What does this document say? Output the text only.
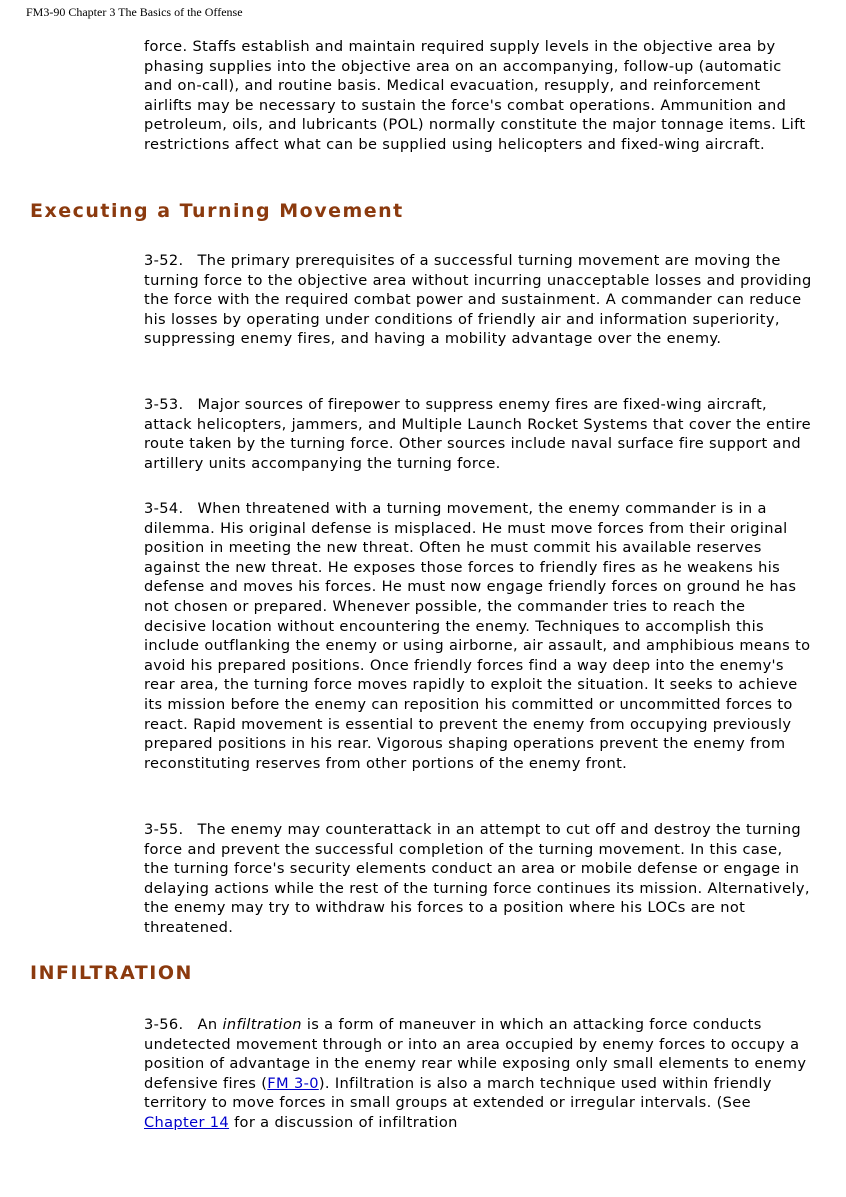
FM3-90 Chapter 3 The Basics of the Offense

force. Staffs establish and maintain required supply levels in the objective area by phasing supplies into the objective area on an accompanying, follow-up (automatic and on-call), and routine basis. Medical evacuation, resupply, and reinforcement airlifts may be necessary to sustain the force's combat operations. Ammunition and petroleum, oils, and lubricants (POL) normally constitute the major tonnage items. Lift restrictions affect what can be supplied using helicopters and fixed-wing aircraft.

Executing a Turning Movement

3-52. The primary prerequisites of a successful turning movement are moving the turning force to the objective area without incurring unacceptable losses and providing the force with the required combat power and sustainment. A commander can reduce his losses by operating under conditions of friendly air and information superiority, suppressing enemy fires, and having a mobility advantage over the enemy.

3-53. Major sources of firepower to suppress enemy fires are fixed-wing aircraft, attack helicopters, jammers, and Multiple Launch Rocket Systems that cover the entire route taken by the turning force. Other sources include naval surface fire support and artillery units accompanying the turning force.

3-54. When threatened with a turning movement, the enemy commander is in a dilemma. His original defense is misplaced. He must move forces from their original position in meeting the new threat. Often he must commit his available reserves against the new threat. He exposes those forces to friendly fires as he weakens his defense and moves his forces. He must now engage friendly forces on ground he has not chosen or prepared. Whenever possible, the commander tries to reach the decisive location without encountering the enemy. Techniques to accomplish this include outflanking the enemy or using airborne, air assault, and amphibious means to avoid his prepared positions. Once friendly forces find a way deep into the enemy's rear area, the turning force moves rapidly to exploit the situation. It seeks to achieve its mission before the enemy can reposition his committed or uncommitted forces to react. Rapid movement is essential to prevent the enemy from occupying previously prepared positions in his rear. Vigorous shaping operations prevent the enemy from reconstituting reserves from other portions of the enemy front.

3-55. The enemy may counterattack in an attempt to cut off and destroy the turning force and prevent the successful completion of the turning movement. In this case, the turning force's security elements conduct an area or mobile defense or engage in delaying actions while the rest of the turning force continues its mission. Alternatively, the enemy may try to withdraw his forces to a position where his LOCs are not threatened.

INFILTRATION

3-56. An infiltration is a form of maneuver in which an attacking force conducts undetected movement through or into an area occupied by enemy forces to occupy a position of advantage in the enemy rear while exposing only small elements to enemy defensive fires (FM 3-0). Infiltration is also a march technique used within friendly territory to move forces in small groups at extended or irregular intervals. (See Chapter 14 for a discussion of infiltration
